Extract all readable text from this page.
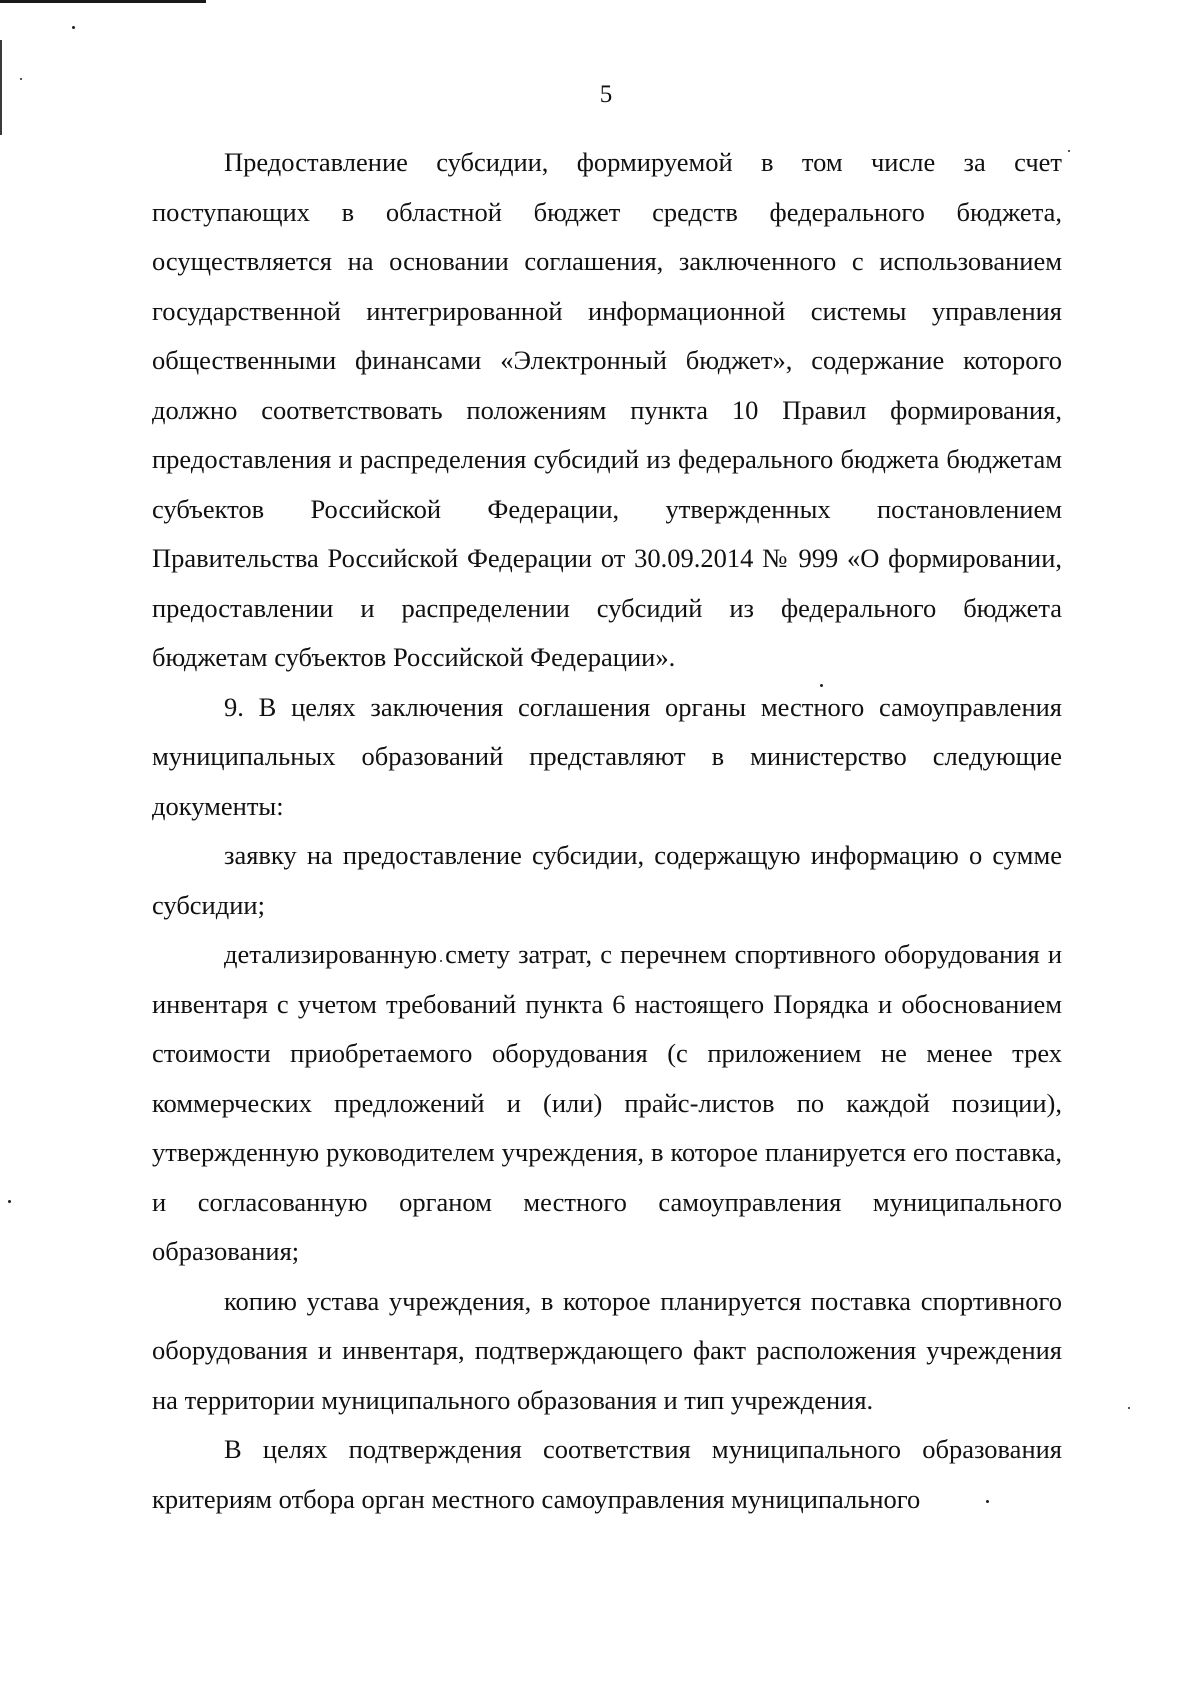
5

Предоставление субсидии, формируемой в том числе за счет поступающих в областной бюджет средств федерального бюджета, осуществляется на основании соглашения, заключенного с использованием государственной интегрированной информационной системы управления общественными финансами «Электронный бюджет», содержание которого должно соответствовать положениям пункта 10 Правил формирования, предоставления и распределения субсидий из федерального бюджета бюджетам субъектов Российской Федерации, утвержденных постановлением Правительства Российской Федерации от 30.09.2014 № 999 «О формировании, предоставлении и распределении субсидий из федерального бюджета бюджетам субъектов Российской Федерации».

9. В целях заключения соглашения органы местного самоуправления муниципальных образований представляют в министерство следующие документы:

заявку на предоставление субсидии, содержащую информацию о сумме субсидии;

детализированную смету затрат, с перечнем спортивного оборудования и инвентаря с учетом требований пункта 6 настоящего Порядка и обоснованием стоимости приобретаемого оборудования (с приложением не менее трех коммерческих предложений и (или) прайс-листов по каждой позиции), утвержденную руководителем учреждения, в которое планируется его поставка, и согласованную органом местного самоуправления муниципального образования;

копию устава учреждения, в которое планируется поставка спортивного оборудования и инвентаря, подтверждающего факт расположения учреждения на территории муниципального образования и тип учреждения.

В целях подтверждения соответствия муниципального образования критериям отбора орган местного самоуправления муниципального
